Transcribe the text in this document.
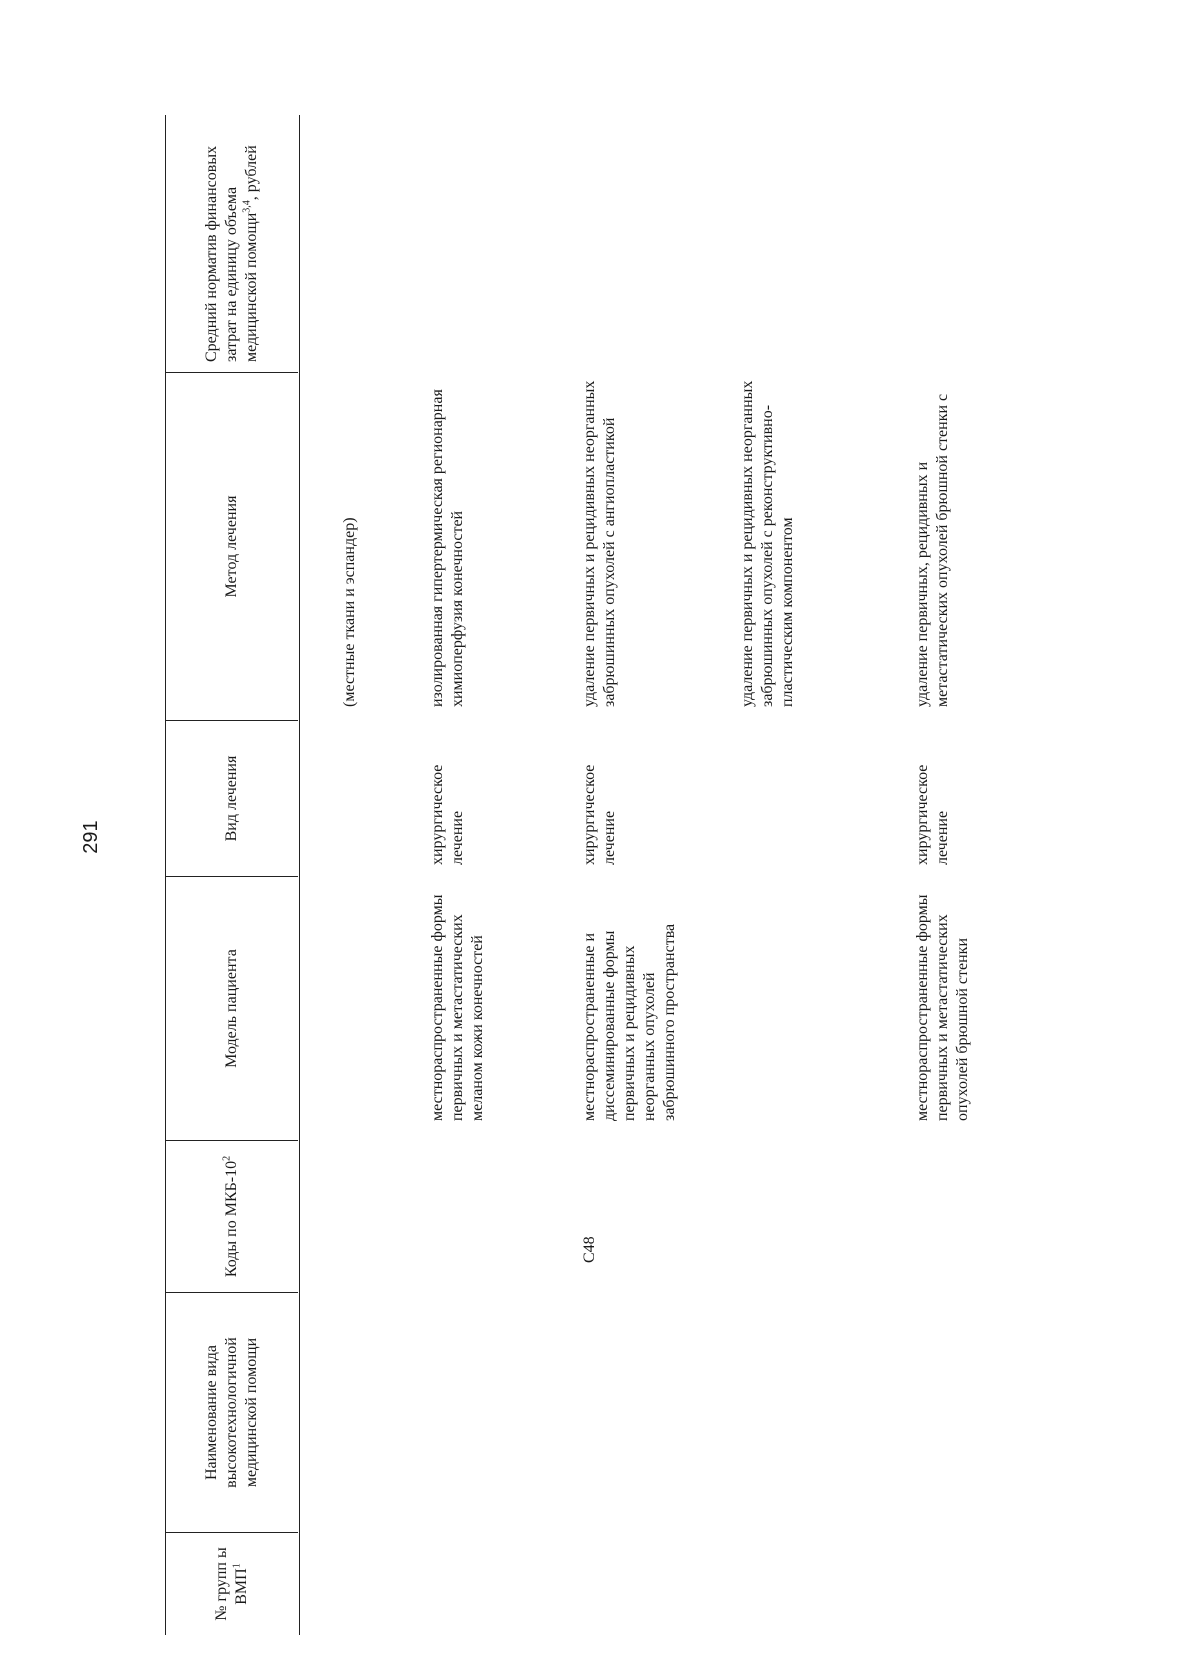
291
№ групп ы ВМП$^1$
Наименование вида высокотехнологичной медицинской помощи
Коды по МКБ-$10^2$
Модель пациента
Вид лечения
Метод лечения
Средний норматив финансовых затрат на единицу объема медицинской помощи$^{3,4}$, рублей
(местные ткани и эспандер)
местнораспространенные формы первичных и метастатических меланом кожи конечностей
хирургическое лечение
изолированная гипертермическая регионарная химиоперфузия конечностей
C48
местнораспространенные и диссеминированные формы первичных и рецидивных неорганных опухолей забрюшинного пространства
хирургическое лечение
удаление первичных и рецидивных неорганных забрюшинных опухолей с ангиопластикой	удаление первичных и рецидивных неорганных забрюшинных опухолей с реконструктивно-пластическим компонентом
местнораспространенные формы первичных и метастатических опухолей брюшной стенки
хирургическое лечение
удаление первичных, рецидивных и метастатических опухолей брюшной стенки с
